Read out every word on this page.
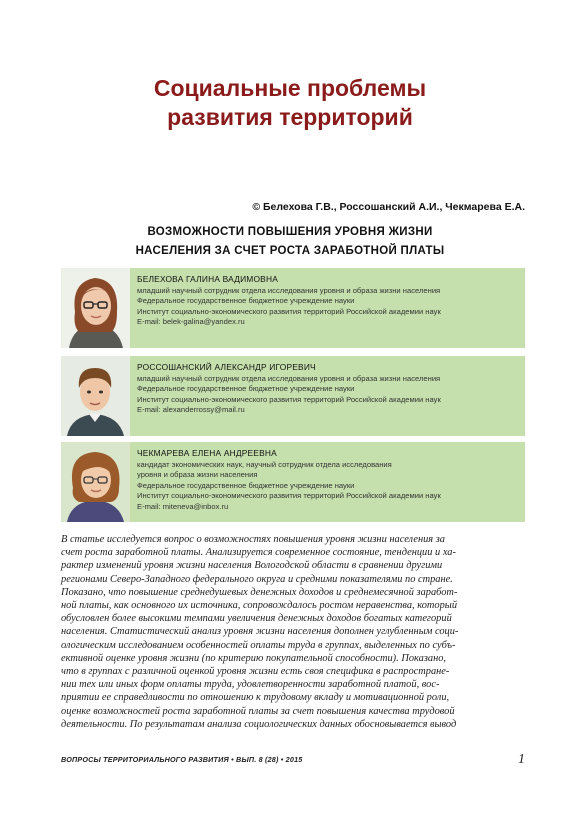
Социальные проблемы
развития территорий
© Белехова Г.В., Россошанский А.И., Чекмарева Е.А.
ВОЗМОЖНОСТИ ПОВЫШЕНИЯ УРОВНЯ ЖИЗНИ
НАСЕЛЕНИЯ ЗА СЧЕТ РОСТА ЗАРАБОТНОЙ ПЛАТЫ
БЕЛЕХОВА ГАЛИНА ВАДИМОВНА
младший научный сотрудник отдела исследования уровня и образа жизни населения
Федеральное государственное бюджетное учреждение науки
Институт социально-экономического развития территорий Российской академии наук
E-mail: belek-galina@yandex.ru
РОССОШАНСКИЙ АЛЕКСАНДР ИГОРЕВИЧ
младший научный сотрудник отдела исследования уровня и образа жизни населения
Федеральное государственное бюджетное учреждение науки
Институт социально-экономического развития территорий Российской академии наук
E-mail: alexanderrossy@mail.ru
ЧЕКМАРЕВА ЕЛЕНА АНДРЕЕВНА
кандидат экономических наук, научный сотрудник отдела исследования
уровня и образа жизни населения
Федеральное государственное бюджетное учреждение науки
Институт социально-экономического развития территорий Российской академии наук
E-mail: miteneva@inbox.ru
В статье исследуется вопрос о возможностях повышения уровня жизни населения за
счет роста заработной платы. Анализируется современное состояние, тенденции и ха-
рактер изменений уровня жизни населения Вологодской области в сравнении другими
регионами Северо-Западного федерального округа и средними показателями по стране.
Показано, что повышение среднедушевых денежных доходов и среднемесячной заработ-
ной платы, как основного их источника, сопровождалось ростом неравенства, который
обусловлен более высокими темпами увеличения денежных доходов богатых категорий
населения. Статистический анализ уровня жизни населения дополнен углубленным соци-
ологическим исследованием особенностей оплаты труда в группах, выделенных по субъ-
ективной оценке уровня жизни (по критерию покупательной способности). Показано,
что в группах с различной оценкой уровня жизни есть своя специфика в распростране-
нии тех или иных форм оплаты труда, удовлетворенности заработной платой, вос-
приятии ее справедливости по отношению к трудовому вкладу и мотивационной роли,
оценке возможностей роста заработной платы за счет повышения качества трудовой
деятельности. По результатам анализа социологических данных обосновывается вывод
ВОПРОСЫ ТЕРРИТОРИАЛЬНОГО РАЗВИТИЯ • ВЫП. 8 (28) • 2015	1
